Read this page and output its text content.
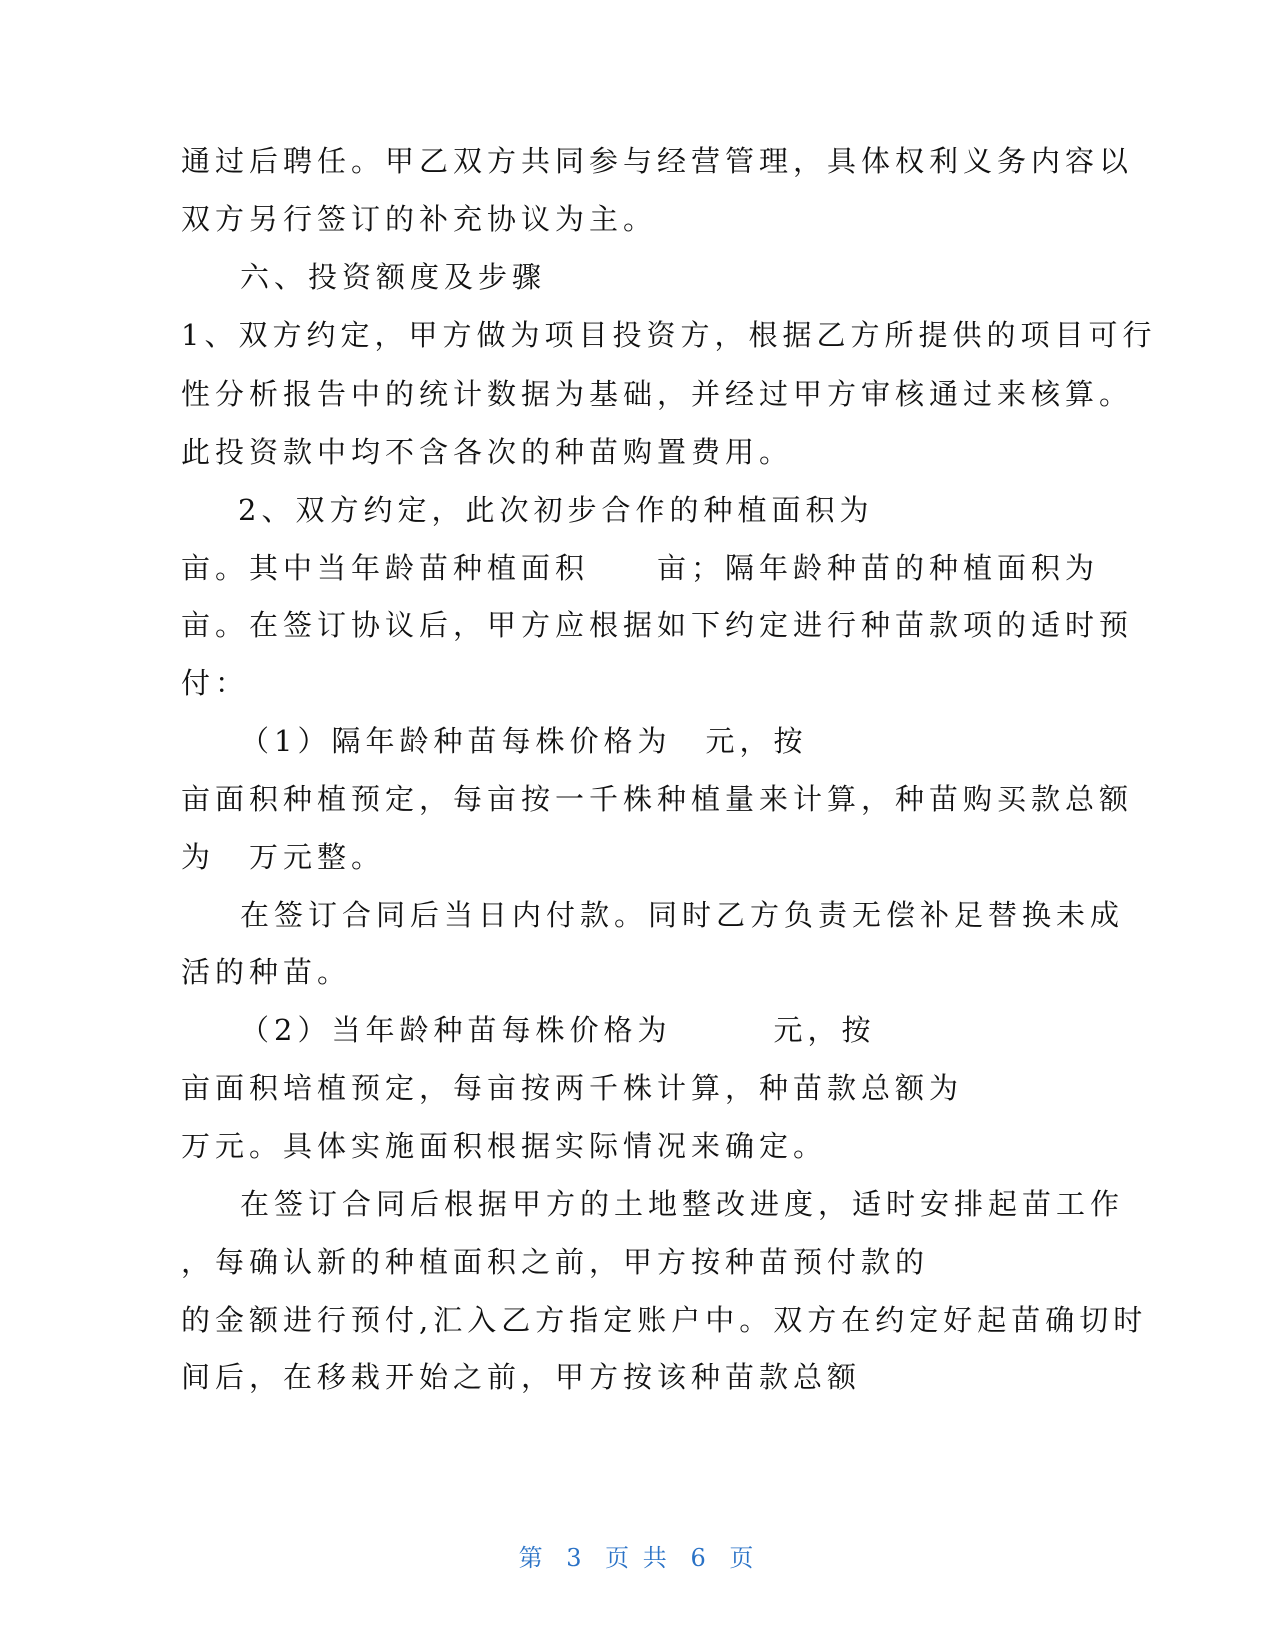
通过后聘任。甲乙双方共同参与经营管理，具体权利义务内容以
双方另行签订的补充协议为主。
六、投资额度及步骤
1、双方约定，甲方做为项目投资方，根据乙方所提供的项目可行
性分析报告中的统计数据为基础，并经过甲方审核通过来核算。
此投资款中均不含各次的种苗购置费用。
2、双方约定，此次初步合作的种植面积为
亩。其中当年龄苗种植面积　　亩；隔年龄种苗的种植面积为
亩。在签订协议后，甲方应根据如下约定进行种苗款项的适时预
付：
（1）隔年龄种苗每株价格为　元，按
亩面积种植预定，每亩按一千株种植量来计算，种苗购买款总额
为　万元整。
在签订合同后当日内付款。同时乙方负责无偿补足替换未成
活的种苗。
（2）当年龄种苗每株价格为　　　元，按
亩面积培植预定，每亩按两千株计算，种苗款总额为
万元。具体实施面积根据实际情况来确定。
在签订合同后根据甲方的土地整改进度，适时安排起苗工作
，每确认新的种植面积之前，甲方按种苗预付款的
的金额进行预付,汇入乙方指定账户中。双方在约定好起苗确切时
间后，在移栽开始之前，甲方按该种苗款总额
第 3 页 共 6 页
